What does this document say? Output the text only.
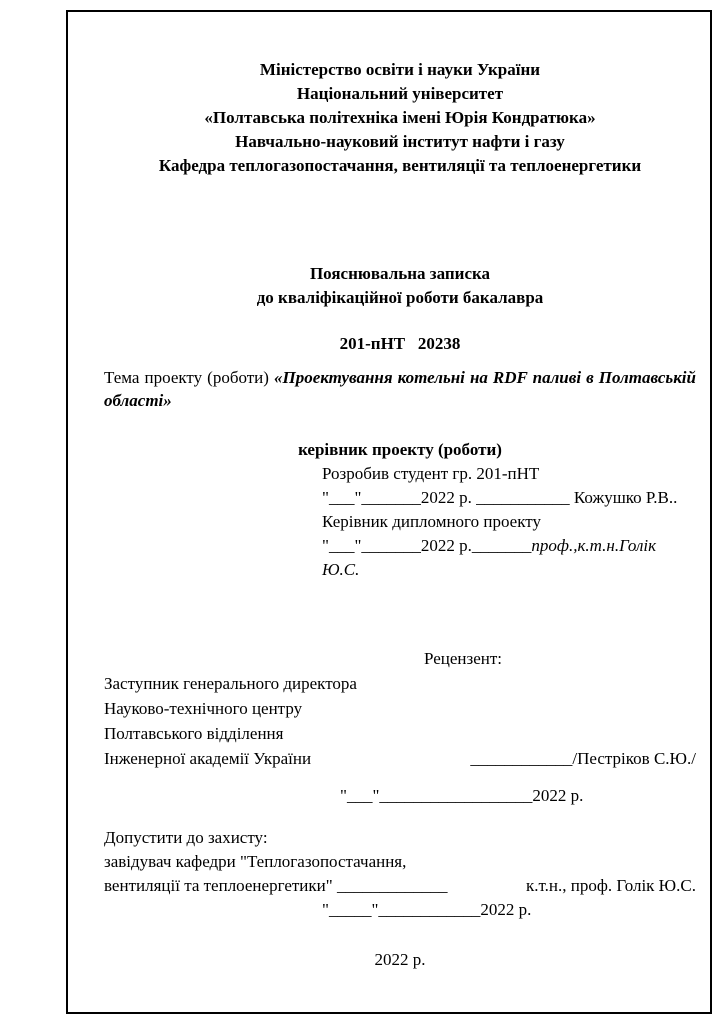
Міністерство освіти і науки України
Національний університет
«Полтавська політехніка імені Юрія Кондратюка»
Навчально-науковий інститут нафти і газу
Кафедра теплогазопостачання, вентиляції та теплоенергетики
Пояснювальна записка
до кваліфікаційної роботи бакалавра
201-пНТ   20238
Тема проекту (роботи) «Проектування котельні на RDF паливі в Полтавській області»
керівник проекту (роботи)
Розробив студент гр. 201-пНТ
"___"_______2022 р. ___________ Кожушко Р.В..
Керівник дипломного проекту
"___"_______2022 р._______проф.,к.т.н.Голік Ю.С.
Рецензент:
Заступник генерального директора
Науково-технічного центру
Полтавського відділення
Інженерної академії України	____________/Пестріков С.Ю./
"___"__________________2022 р.
Допустити до захисту:
завідувач кафедри "Теплогазопостачання,
вентиляції та теплоенергетики" _____________	к.т.н., проф. Голік Ю.С.
"_____"____________2022 р.
2022 р.
